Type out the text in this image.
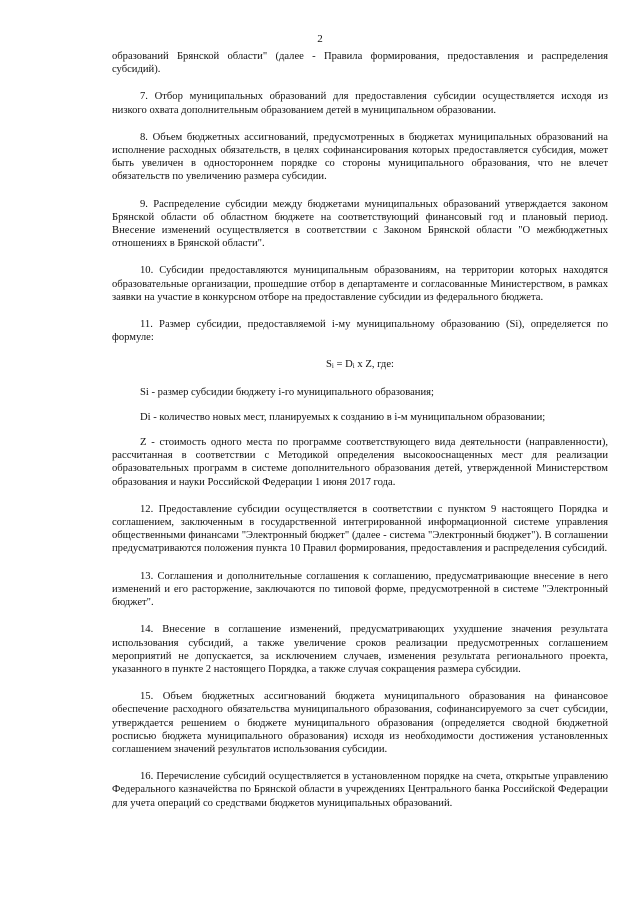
2

образований Брянской области" (далее - Правила формирования, предоставления и распределения субсидий).

7. Отбор муниципальных образований для предоставления субсидии осуществляется исходя из низкого охвата дополнительным образованием детей в муниципальном образовании.

8. Объем бюджетных ассигнований, предусмотренных в бюджетах муниципальных образований на исполнение расходных обязательств, в целях софинансирования которых предоставляется субсидия, может быть увеличен в одностороннем порядке со стороны муниципального образования, что не влечет обязательств по увеличению размера субсидии.

9. Распределение субсидии между бюджетами муниципальных образований утверждается законом Брянской области об областном бюджете на соответствующий финансовый год и плановый период. Внесение изменений осуществляется в соответствии с Законом Брянской области "О межбюджетных отношениях в Брянской области".

10. Субсидии предоставляются муниципальным образованиям, на территории которых находятся образовательные организации, прошедшие отбор в департаменте и согласованные Министерством, в рамках заявки на участие в конкурсном отборе на предоставление субсидии из федерального бюджета.

11. Размер субсидии, предоставляемой i-му муниципальному образованию (Si), определяется по формуле:

$S_i = D_i$ x Z, где:

Si - размер субсидии бюджету i-го муниципального образования;

Di - количество новых мест, планируемых к созданию в i-м муниципальном образовании;

Z - стоимость одного места по программе соответствующего вида деятельности (направленности), рассчитанная в соответствии с Методикой определения высокооснащенных мест для реализации образовательных программ в системе дополнительного образования детей, утвержденной Министерством образования и науки Российской Федерации 1 июня 2017 года.

12. Предоставление субсидии осуществляется в соответствии с пунктом 9 настоящего Порядка и соглашением, заключенным в государственной интегрированной информационной системе управления общественными финансами "Электронный бюджет" (далее - система "Электронный бюджет"). В соглашении предусматриваются положения пункта 10 Правил формирования, предоставления и распределения субсидий.

13. Соглашения и дополнительные соглашения к соглашению, предусматривающие внесение в него изменений и его расторжение, заключаются по типовой форме, предусмотренной в системе "Электронный бюджет".

14. Внесение в соглашение изменений, предусматривающих ухудшение значения результата использования субсидий, а также увеличение сроков реализации предусмотренных соглашением мероприятий не допускается, за исключением случаев, изменения результата регионального проекта, указанного в пункте 2 настоящего Порядка, а также случая сокращения размера субсидии.

15. Объем бюджетных ассигнований бюджета муниципального образования на финансовое обеспечение расходного обязательства муниципального образования, софинансируемого за счет субсидии, утверждается решением о бюджете муниципального образования (определяется сводной бюджетной росписью бюджета муниципального образования) исходя из необходимости достижения установленных соглашением значений результатов использования субсидии.

16. Перечисление субсидий осуществляется в установленном порядке на счета, открытые управлению Федерального казначейства по Брянской области в учреждениях Центрального банка Российской Федерации для учета операций со средствами бюджетов муниципальных образований.
